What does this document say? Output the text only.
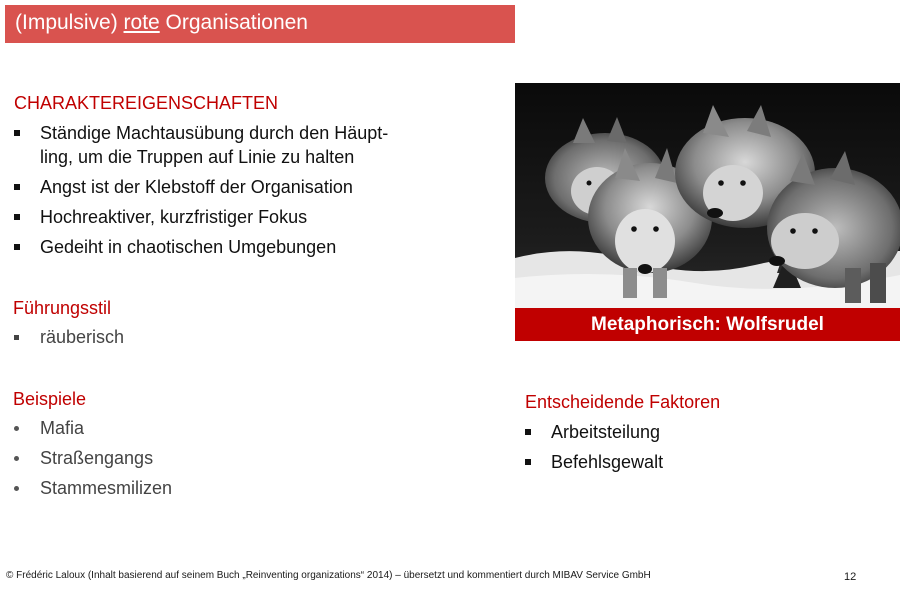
(Impulsive) rote Organisationen
CHARAKTEREIGENSCHAFTEN
Ständige Machtausübung durch den Häupt-
ling, um die Truppen auf Linie zu halten
Angst ist der Klebstoff der Organisation
Hochreaktiver, kurzfristiger Fokus
Gedeiht in chaotischen Umgebungen
Führungsstil
räuberisch
Beispiele
Mafia
Straßengangs
Stammesmilizen
Metaphorisch: Wolfsrudel
Entscheidende Faktoren
Arbeitsteilung
Befehlsgewalt
© Frédéric Laloux (Inhalt basierend auf seinem Buch „Reinventing organizations“ 2014) – übersetzt und kommentiert durch MIBAV Service GmbH	12
